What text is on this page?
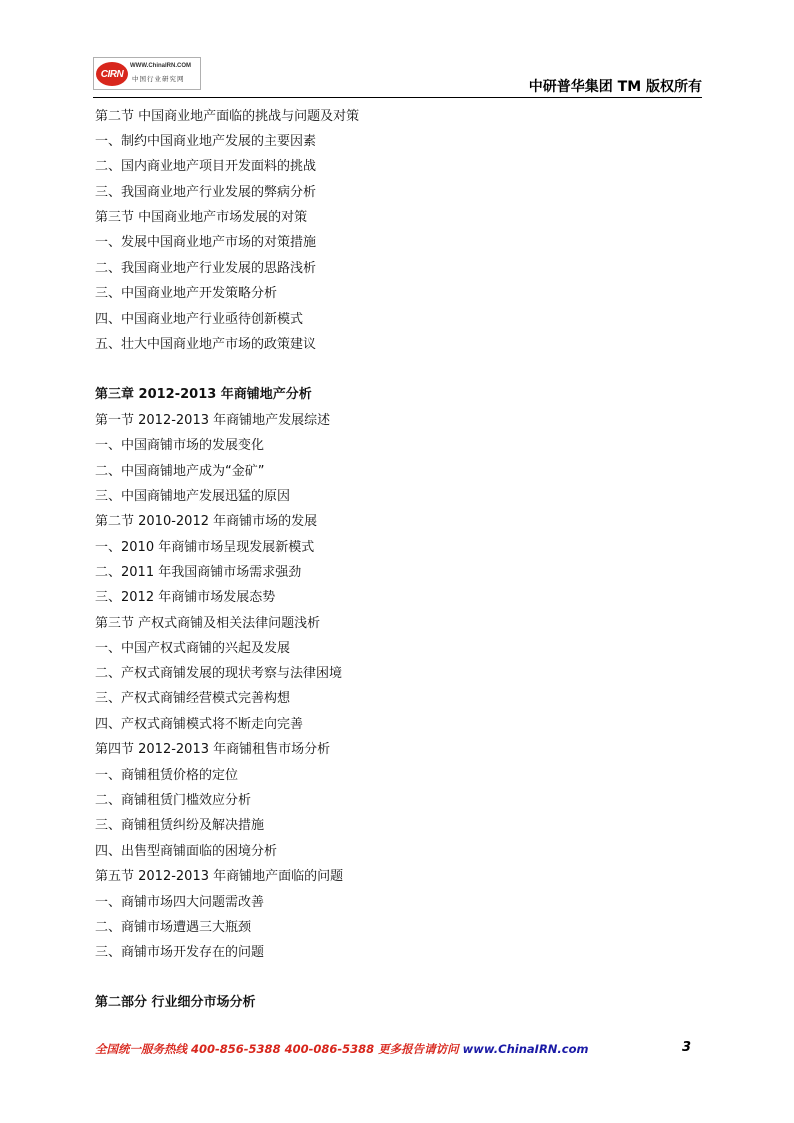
CIRN
WWW.ChinaIRN.COM
中国行业研究网	中研普华集团 TM 版权所有
第二节 中国商业地产面临的挑战与问题及对策
一、制约中国商业地产发展的主要因素
二、国内商业地产项目开发面料的挑战
三、我国商业地产行业发展的弊病分析
第三节 中国商业地产市场发展的对策
一、发展中国商业地产市场的对策措施
二、我国商业地产行业发展的思路浅析
三、中国商业地产开发策略分析
四、中国商业地产行业亟待创新模式
五、壮大中国商业地产市场的政策建议
第三章 2012-2013 年商铺地产分析
第一节 2012-2013 年商铺地产发展综述
一、中国商铺市场的发展变化
二、中国商铺地产成为“金矿”
三、中国商铺地产发展迅猛的原因
第二节 2010-2012 年商铺市场的发展
一、2010 年商铺市场呈现发展新模式
二、2011 年我国商铺市场需求强劲
三、2012 年商铺市场发展态势
第三节 产权式商铺及相关法律问题浅析
一、中国产权式商铺的兴起及发展
二、产权式商铺发展的现状考察与法律困境
三、产权式商铺经营模式完善构想
四、产权式商铺模式将不断走向完善
第四节 2012-2013 年商铺租售市场分析
一、商铺租赁价格的定位
二、商铺租赁门槛效应分析
三、商铺租赁纠纷及解决措施
四、出售型商铺面临的困境分析
第五节 2012-2013 年商铺地产面临的问题
一、商铺市场四大问题需改善
二、商铺市场遭遇三大瓶颈
三、商铺市场开发存在的问题
第二部分 行业细分市场分析
全国统一服务热线 400-856-5388 400-086-5388 更多报告请访问 www.ChinaIRN.com	3
